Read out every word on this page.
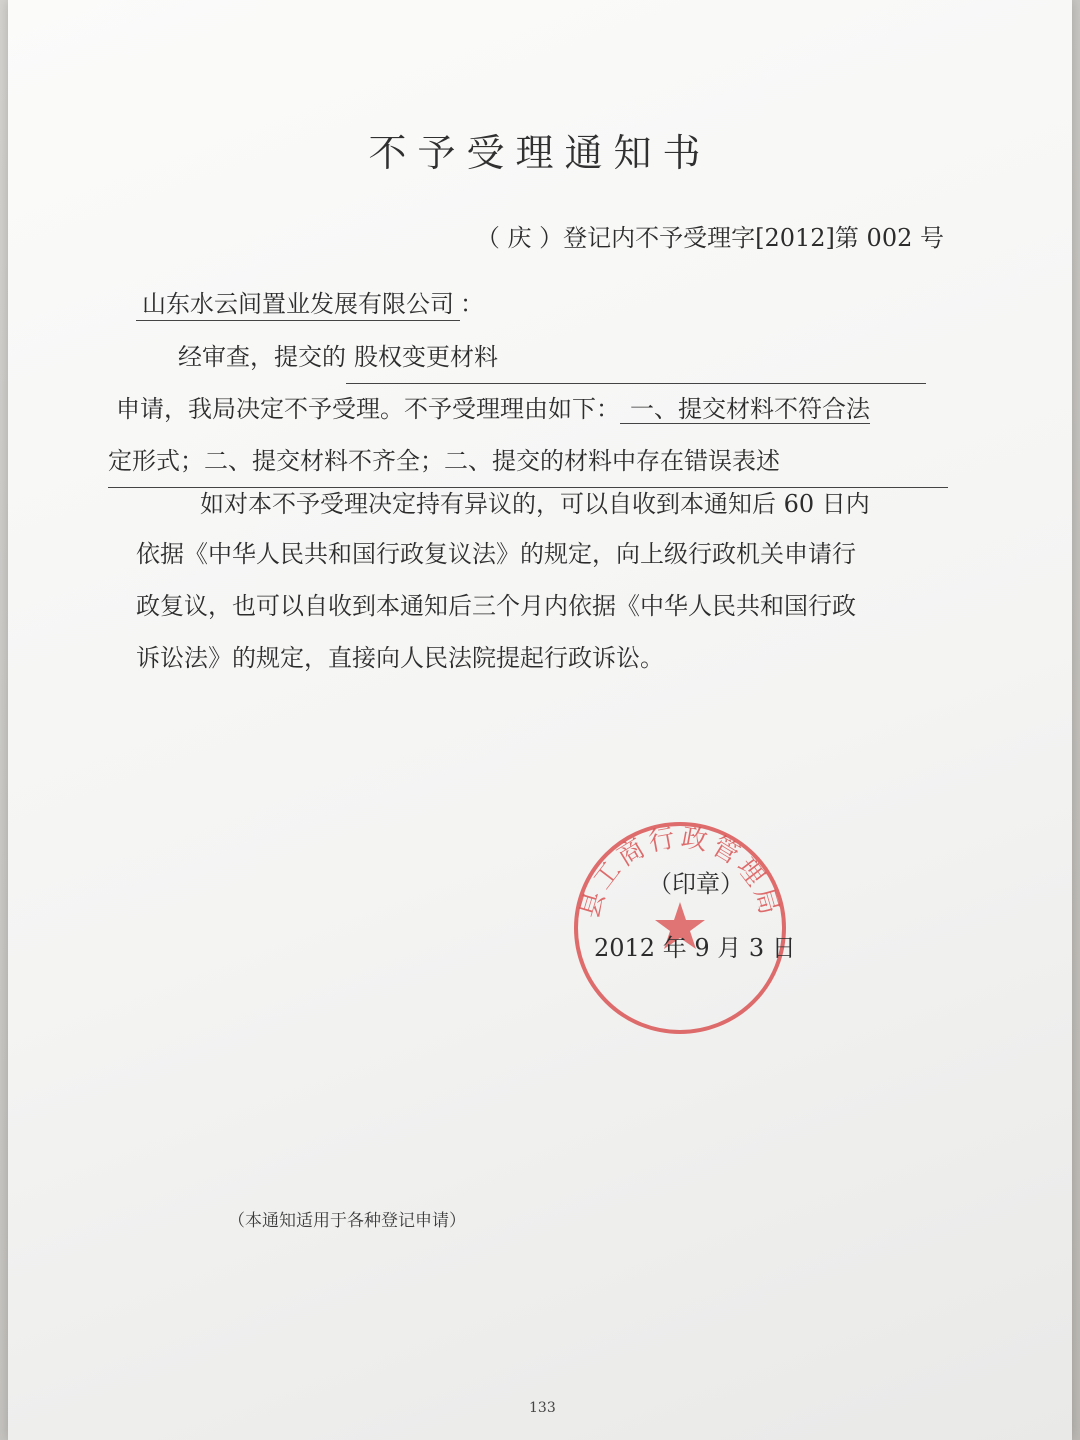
不予受理通知书
（ 庆 ）登记内不予受理字[2012]第 002 号
山东水云间置业发展有限公司 ：
经审查，提交的 股权变更材料
申请，我局决定不予受理。不予受理理由如下： 一、提交材料不符合法
定形式；二、提交材料不齐全；二、提交的材料中存在错误表述
如对本不予受理决定持有异议的，可以自收到本通知后 60 日内
依据《中华人民共和国行政复议法》的规定，向上级行政机关申请行
政复议，也可以自收到本通知后三个月内依据《中华人民共和国行政
诉讼法》的规定，直接向人民法院提起行政诉讼。
县工商行政管理局
（印章）
2012 年 9 月 3 日
（本通知适用于各种登记申请）
133
